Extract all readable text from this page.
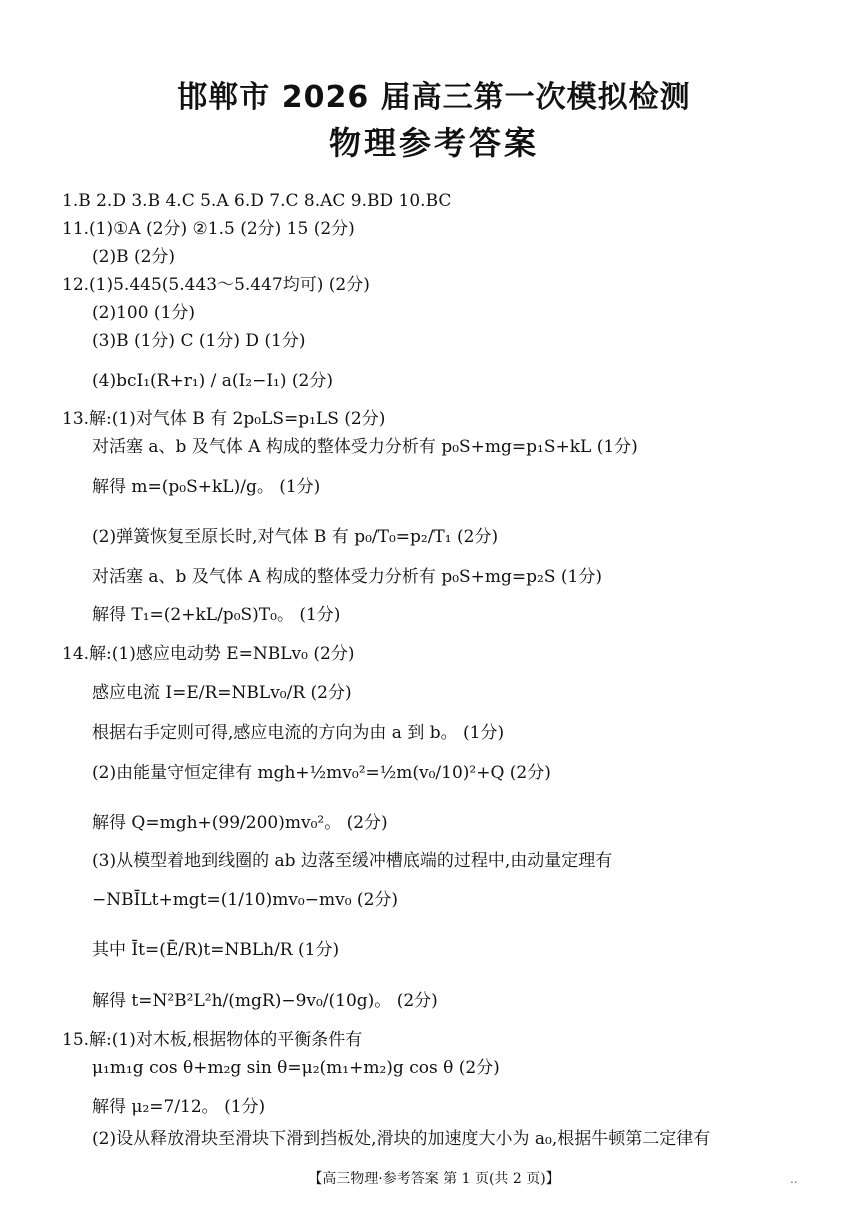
邯郸市 2026 届高三第一次模拟检测
物理参考答案
1.B 2.D 3.B 4.C 5.A 6.D 7.C 8.AC 9.BD 10.BC
11.(1)①A (2分) ②1.5 (2分) 15 (2分)
(2)B (2分)
12.(1)5.445(5.443～5.447均可) (2分)
(2)100 (1分)
(3)B (1分) C (1分) D (1分)
(4)bcI₁(R+r₁) / a(I₂−I₁) (2分)
13.解:(1)对气体 B 有 2p₀LS=p₁LS (2分)
对活塞 a、b 及气体 A 构成的整体受力分析有 p₀S+mg=p₁S+kL (1分)
解得 m=(p₀S+kL)/g。 (1分)
(2)弹簧恢复至原长时,对气体 B 有 p₀/T₀=p₂/T₁ (2分)
对活塞 a、b 及气体 A 构成的整体受力分析有 p₀S+mg=p₂S (1分)
解得 T₁=(2+kL/p₀S)T₀。 (1分)
14.解:(1)感应电动势 E=NBLv₀ (2分)
感应电流 I=E/R=NBLv₀/R (2分)
根据右手定则可得,感应电流的方向为由 a 到 b。 (1分)
(2)由能量守恒定律有 mgh+½mv₀²=½m(v₀/10)²+Q (2分)
解得 Q=mgh+(99/200)mv₀²。 (2分)
(3)从模型着地到线圈的 ab 边落至缓冲槽底端的过程中,由动量定理有
−NBĪLt+mgt=(1/10)mv₀−mv₀ (2分)
其中 Īt=(Ē/R)t=NBLh/R (1分)
解得 t=N²B²L²h/(mgR)−9v₀/(10g)。 (2分)
15.解:(1)对木板,根据物体的平衡条件有
μ₁m₁g cos θ+m₂g sin θ=μ₂(m₁+m₂)g cos θ (2分)
解得 μ₂=7/12。 (1分)
(2)设从释放滑块至滑块下滑到挡板处,滑块的加速度大小为 a₀,根据牛顿第二定律有
【高三物理·参考答案 第 1 页(共 2 页)】	..
